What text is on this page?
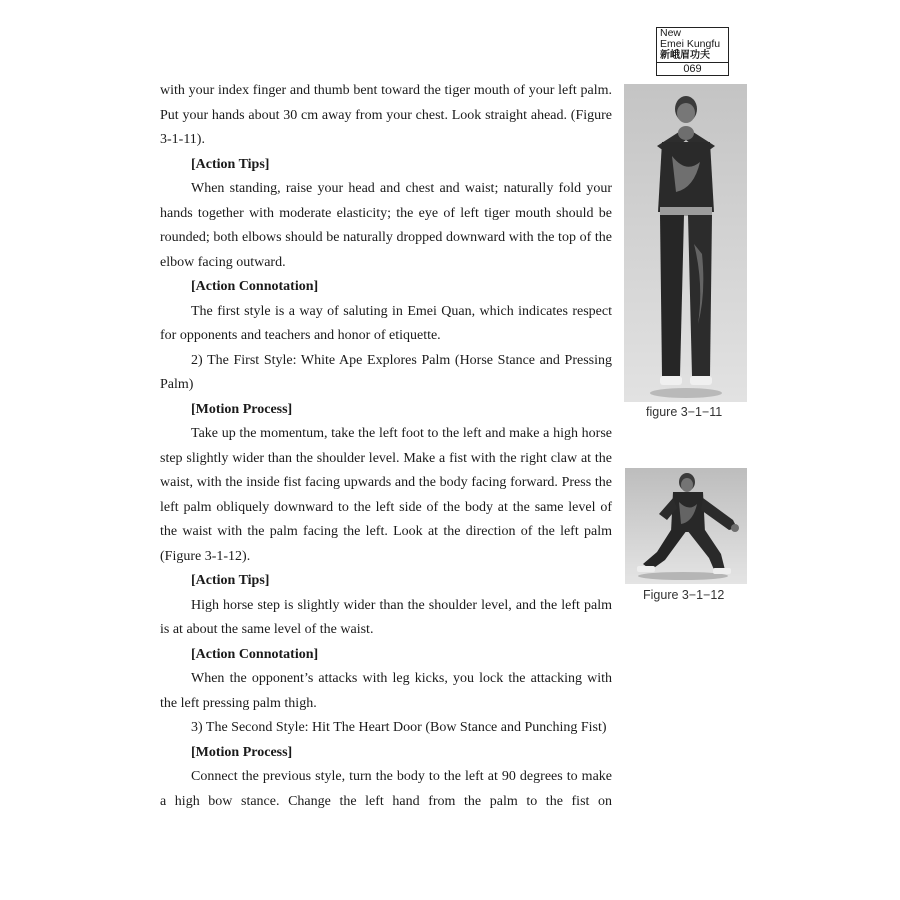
New
Emei Kungfu
新峨眉功夫
069

with your index finger and thumb bent toward the tiger mouth of your left palm. Put your hands about 30 cm away from your chest. Look straight ahead. (Figure 3-1-11).

[Action Tips]

When standing, raise your head and chest and waist; naturally fold your hands together with moderate elasticity; the eye of left tiger mouth should be rounded; both elbows should be naturally dropped downward with the top of the elbow facing outward.

[Action Connotation]

The first style is a way of saluting in Emei Quan, which indicates respect for opponents and teachers and honor of etiquette.

2) The First Style: White Ape Explores Palm (Horse Stance and Pressing Palm)

[Motion Process]

Take up the momentum, take the left foot to the left and make a high horse step slightly wider than the shoulder level. Make a fist with the right claw at the waist, with the inside fist facing upwards and the body facing forward. Press the left palm obliquely downward to the left side of the body at the same level of the waist with the palm facing the left. Look at the direction of the left palm (Figure 3-1-12).

[Action Tips]

High horse step is slightly wider than the shoulder level, and the left palm is at about the same level of the waist.

[Action Connotation]

When the opponent’s attacks with leg kicks, you lock the attacking with the left pressing palm thigh.

3) The Second Style: Hit The Heart Door (Bow Stance and Punching Fist)

[Motion Process]

Connect the previous style, turn the body to the left at 90 degrees to make a high bow stance. Change the left hand from the palm to the fist on

figure 3−1−11
Figure 3−1−12
